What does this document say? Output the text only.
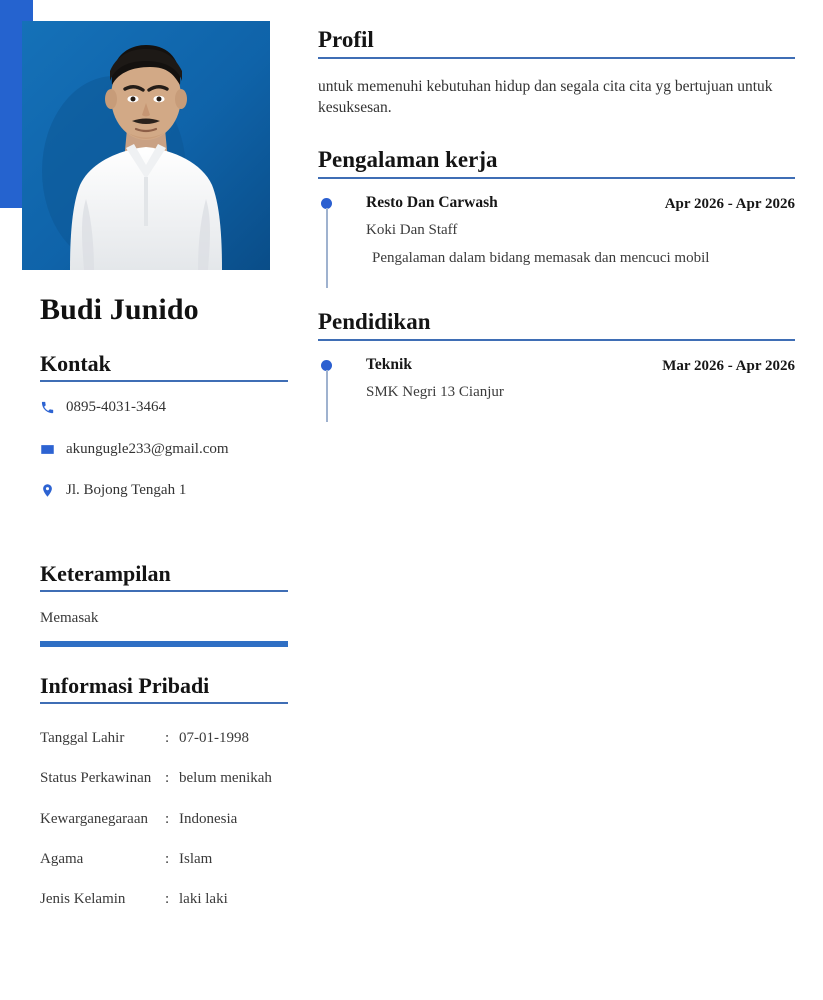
Budi Junido
Kontak
0895-4031-3464
akungugle233@gmail.com
Jl. Bojong Tengah 1
Keterampilan
Memasak
Informasi Pribadi
Tanggal Lahir	: 07-01-1998
Status Perkawinan : belum menikah
Kewarganegaraan	: Indonesia
Agama	: Islam
Jenis Kelamin	: laki laki
Profil
untuk memenuhi kebutuhan hidup dan segala cita cita yg bertujuan untuk kesuksesan.
Pengalaman kerja
Resto Dan Carwash	Apr 2026 - Apr 2026
Koki Dan Staff
Pengalaman dalam bidang memasak dan mencuci mobil
Pendidikan
Teknik	Mar 2026 - Apr 2026
SMK Negri 13 Cianjur
